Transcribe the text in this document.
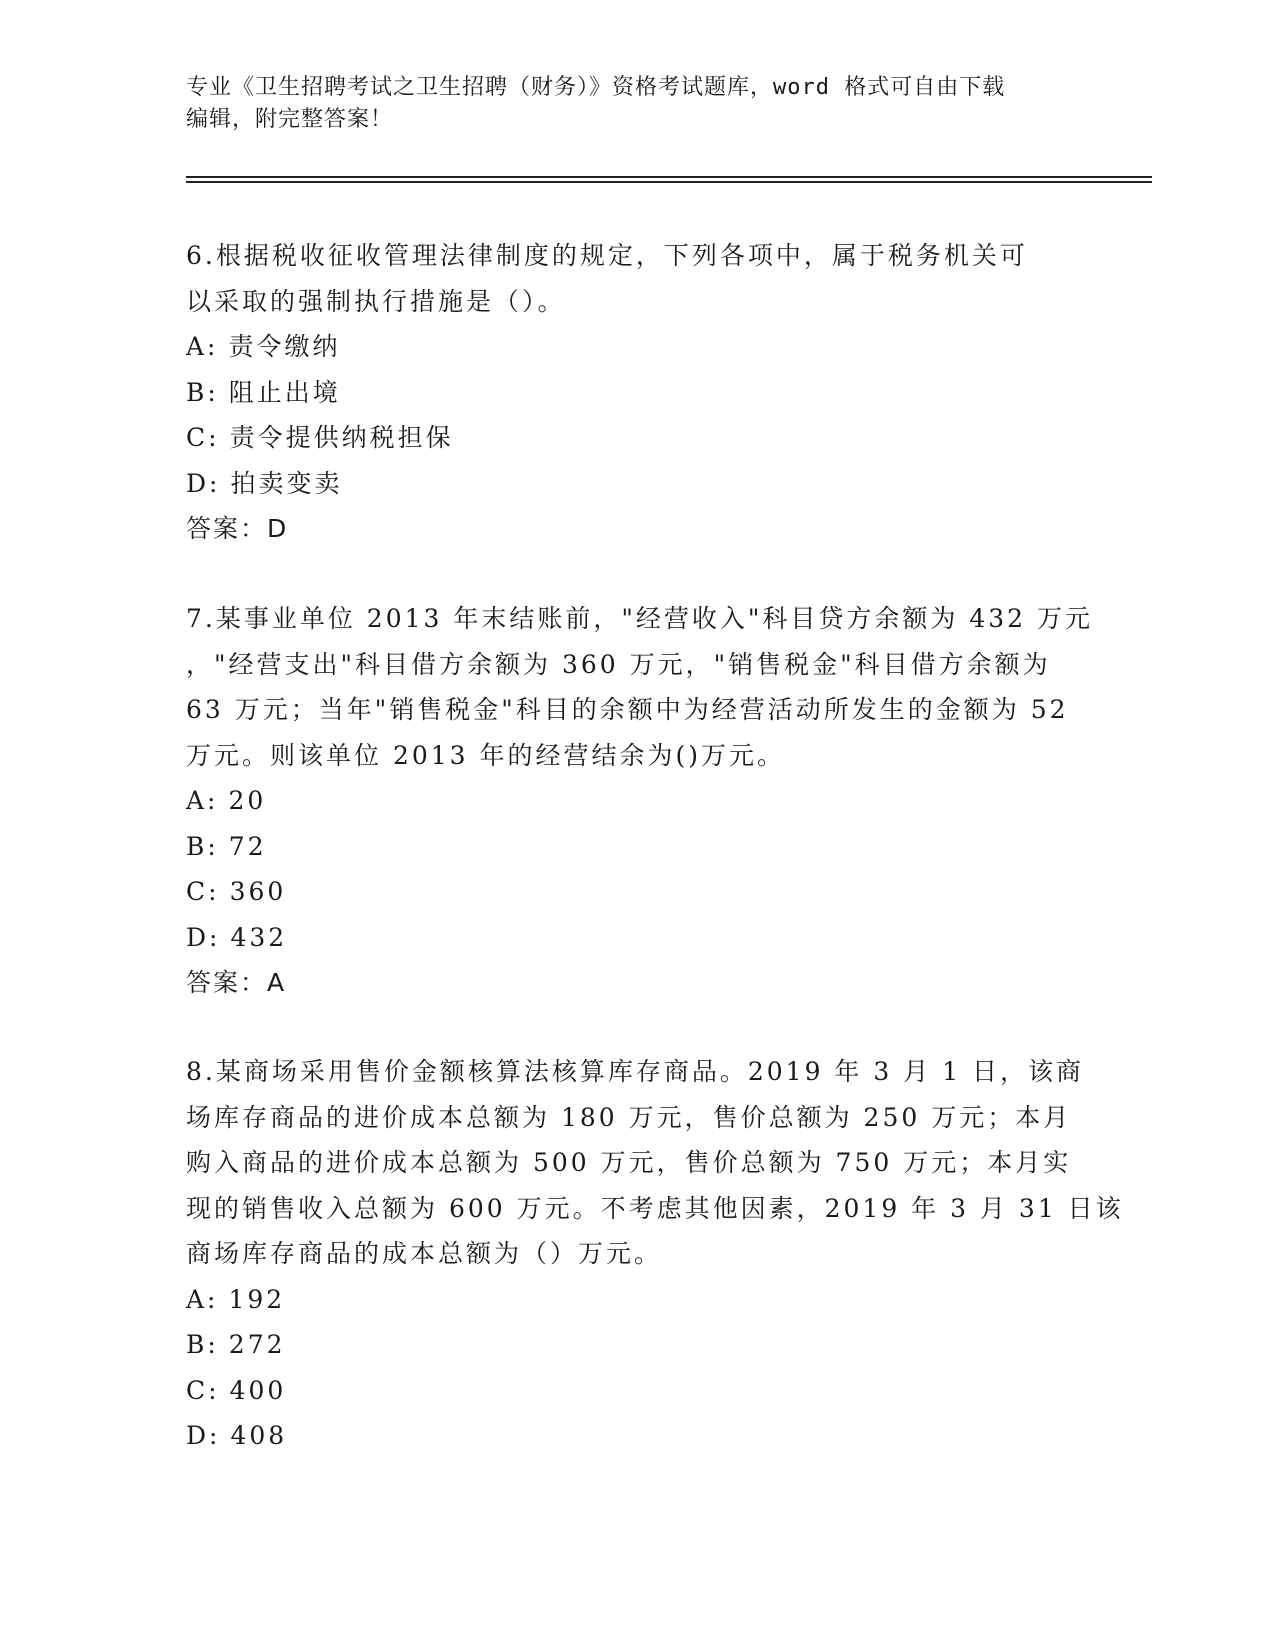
专业《卫生招聘考试之卫生招聘（财务）》资格考试题库，word 格式可自由下载
编辑，附完整答案！
6.根据税收征收管理法律制度的规定，下列各项中，属于税务机关可
以采取的强制执行措施是（）。
A: 责令缴纳
B: 阻止出境
C: 责令提供纳税担保
D: 拍卖变卖
答案：D
7.某事业单位 2013 年末结账前，"经营收入"科目贷方余额为 432 万元
，"经营支出"科目借方余额为 360 万元，"销售税金"科目借方余额为
63 万元；当年"销售税金"科目的余额中为经营活动所发生的金额为 52
万元。则该单位 2013 年的经营结余为()万元。
A: 20
B: 72
C: 360
D: 432
答案：A
8.某商场采用售价金额核算法核算库存商品。2019 年 3 月 1 日，该商
场库存商品的进价成本总额为 180 万元，售价总额为 250 万元；本月
购入商品的进价成本总额为 500 万元，售价总额为 750 万元；本月实
现的销售收入总额为 600 万元。不考虑其他因素，2019 年 3 月 31 日该
商场库存商品的成本总额为（）万元。
A: 192
B: 272
C: 400
D: 408
